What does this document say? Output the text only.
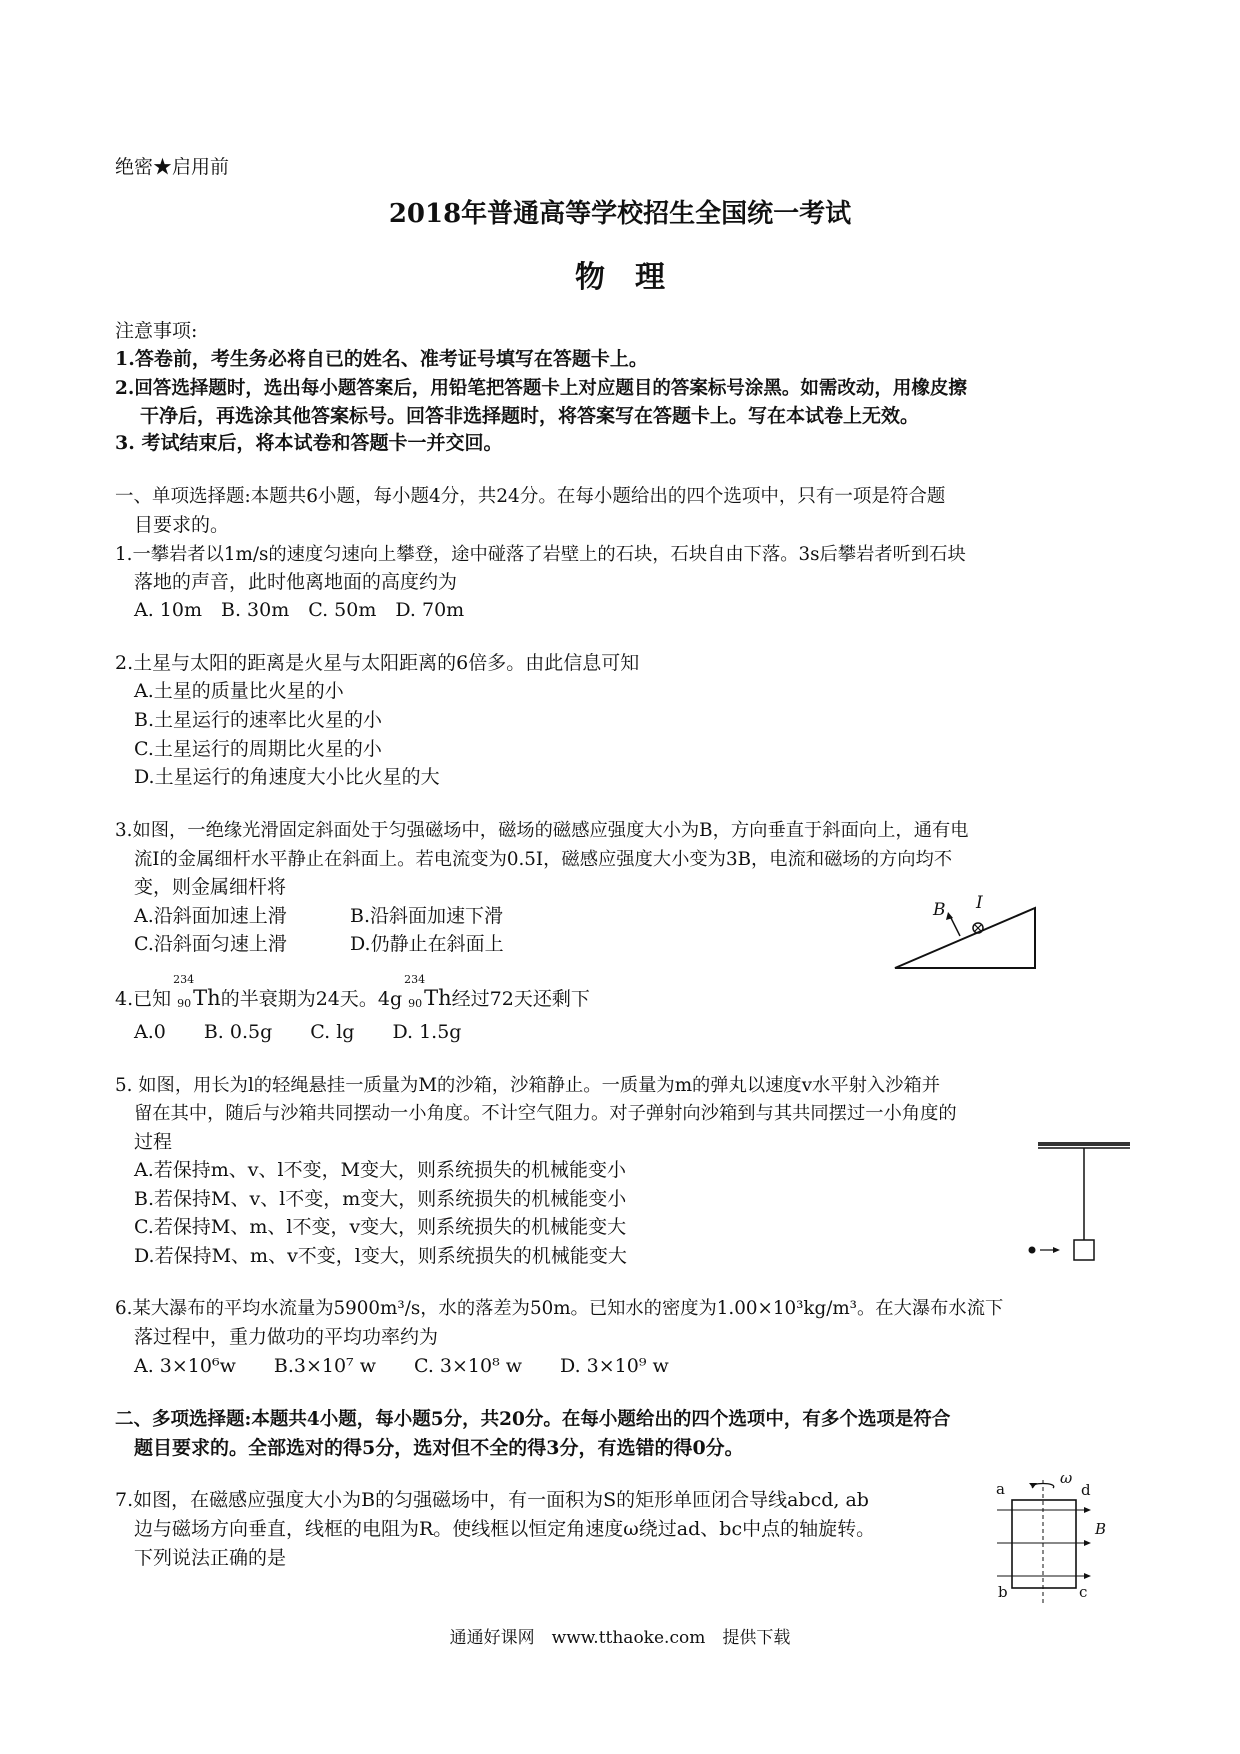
绝密★启用前
2018年普通高等学校招生全国统一考试
物　理
注意事项:
1.答卷前，考生务必将自已的姓名、准考证号填写在答题卡上。
2.回答选择题时，选出每小题答案后，用铅笔把答题卡上对应题目的答案标号涂黑。如需改动，用橡皮擦
干净后，再选涂其他答案标号。回答非选择题时，将答案写在答题卡上。写在本试卷上无效。
3. 考试结束后，将本试卷和答题卡一并交回。
一、单项选择题:本题共6小题，每小题4分，共24分。在每小题给出的四个选项中，只有一项是符合题
目要求的。
1.一攀岩者以1m/s的速度匀速向上攀登，途中碰落了岩壁上的石块，石块自由下落。3s后攀岩者听到石块
落地的声音，此时他离地面的高度约为
A. 10m　B. 30m　C. 50m　D. 70m
2.土星与太阳的距离是火星与太阳距离的6倍多。由此信息可知
A.土星的质量比火星的小
B.土星运行的速率比火星的小
C.土星运行的周期比火星的小
D.土星运行的角速度大小比火星的大
3.如图，一绝缘光滑固定斜面处于匀强磁场中，磁场的磁感应强度大小为B，方向垂直于斜面向上，通有电
流I的金属细杆水平静止在斜面上。若电流变为0.5I，磁感应强度大小变为3B，电流和磁场的方向均不
变，则金属细杆将
A.沿斜面加速上滑	B.沿斜面加速下滑
C.沿斜面匀速上滑	D.仍静止在斜面上
B I
4.已知
234
90 Th的半衰期为24天。4g
234
90 Th经过72天还剩下
A.0　　B. 0.5g　　C. lg　　D. 1.5g
5. 如图，用长为l的轻绳悬挂一质量为M的沙箱，沙箱静止。一质量为m的弹丸以速度v水平射入沙箱并
留在其中，随后与沙箱共同摆动一小角度。不计空气阻力。对子弹射向沙箱到与其共同摆过一小角度的
过程
A.若保持m、v、l不变，M变大，则系统损失的机械能变小
B.若保持M、v、l不变，m变大，则系统损失的机械能变小
C.若保持M、m、l不变，v变大，则系统损失的机械能变大
D.若保持M、m、v不变，l变大，则系统损失的机械能变大
6.某大瀑布的平均水流量为5900m³/s，水的落差为50m。已知水的密度为1.00×10³kg/m³。在大瀑布水流下
落过程中，重力做功的平均功率约为
A. 3×10⁶w　　B.3×10⁷ w　　C. 3×10⁸ w　　D. 3×10⁹ w
二、多项选择题:本题共4小题，每小题5分，共20分。在每小题给出的四个选项中，有多个选项是符合
题目要求的。全部选对的得5分，选对但不全的得3分，有选错的得0分。
7.如图，在磁感应强度大小为B的匀强磁场中，有一面积为S的矩形单匝闭合导线abcd, ab
边与磁场方向垂直，线框的电阻为R。使线框以恒定角速度ω绕过ad、bc中点的轴旋转。
下列说法正确的是
a	d
b	c
B
ω
通通好课网　www.tthaoke.com　提供下载
